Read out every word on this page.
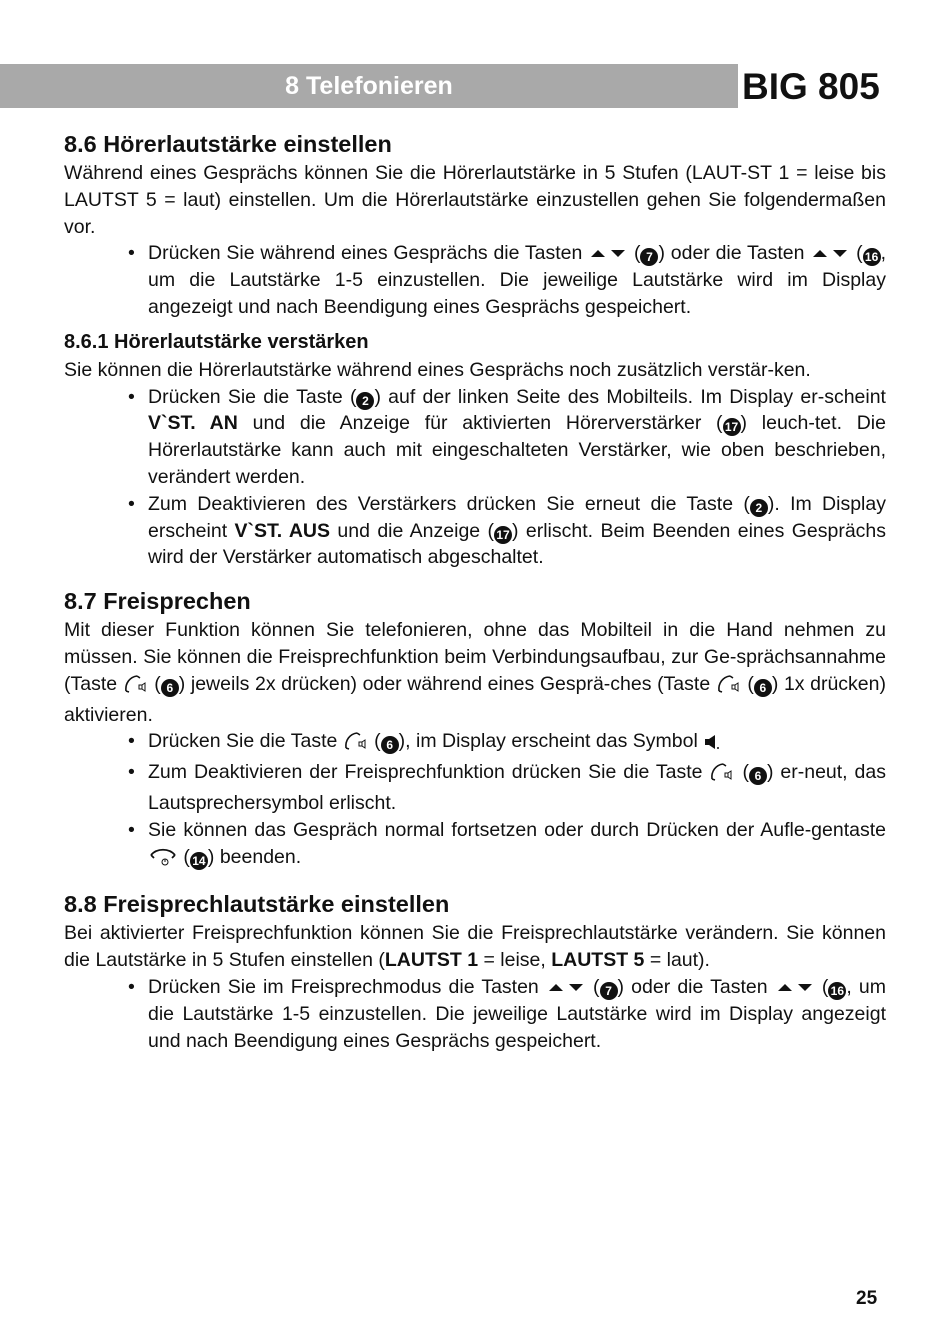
8 Telefonieren	BIG 805
8.6 Hörerlautstärke einstellen

Während eines Gesprächs können Sie die Hörerlautstärke in 5 Stufen (LAUT-ST 1 = leise bis LAUTST 5 = laut) einstellen. Um die Hörerlautstärke einzustellen gehen Sie folgendermaßen vor.

• Drücken Sie während eines Gesprächs die Tasten  ( 7 ) oder die Tasten  ( 16 , um die Lautstärke 1-5 einzustellen. Die jeweilige Lautstärke wird im Display angezeigt und nach Beendigung eines Gesprächs gespeichert.
8.6.1 Hörerlautstärke verstärken

Sie können die Hörerlautstärke während eines Gesprächs noch zusätzlich verstär-ken.

• Drücken Sie die Taste ( 2 ) auf der linken Seite des Mobilteils. Im Display er-scheint V`ST. AN und die Anzeige für aktivierten Hörerverstärker ( 17 ) leuch-tet. Die Hörerlautstärke kann auch mit eingeschalteten Verstärker, wie oben beschrieben, verändert werden.
• Zum Deaktivieren des Verstärkers drücken Sie erneut die Taste ( 2 ). Im Display erscheint V`ST. AUS und die Anzeige ( 17 ) erlischt. Beim Beenden eines Gesprächs wird der Verstärker automatisch abgeschaltet.
8.7 Freisprechen

Mit dieser Funktion können Sie telefonieren, ohne das Mobilteil in die Hand nehmen zu müssen. Sie können die Freisprechfunktion beim Verbindungsaufbau, zur Ge-sprächsannahme (Taste  ( 6 ) jeweils 2x drücken) oder während eines Gesprä-ches (Taste  ( 6 ) 1x drücken) aktivieren.

• Drücken Sie die Taste  ( 6 ), im Display erscheint das Symbol
• Zum Deaktivieren der Freisprechfunktion drücken Sie die Taste  ( 6 ) er-neut, das Lautsprechersymbol erlischt.
• Sie können das Gespräch normal fortsetzen oder durch Drücken der Aufle-gentaste  ( 14 ) beenden.
8.8 Freisprechlautstärke einstellen

Bei aktivierter Freisprechfunktion können Sie die Freisprechlautstärke verändern. Sie können die Lautstärke in 5 Stufen einstellen (LAUTST 1 = leise, LAUTST 5 = laut).

• Drücken Sie im Freisprechmodus die Tasten  ( 7 ) oder die Tasten  ( 16 , um die Lautstärke 1-5 einzustellen. Die jeweilige Lautstärke wird im Display angezeigt und nach Beendigung eines Gesprächs gespeichert.
25
